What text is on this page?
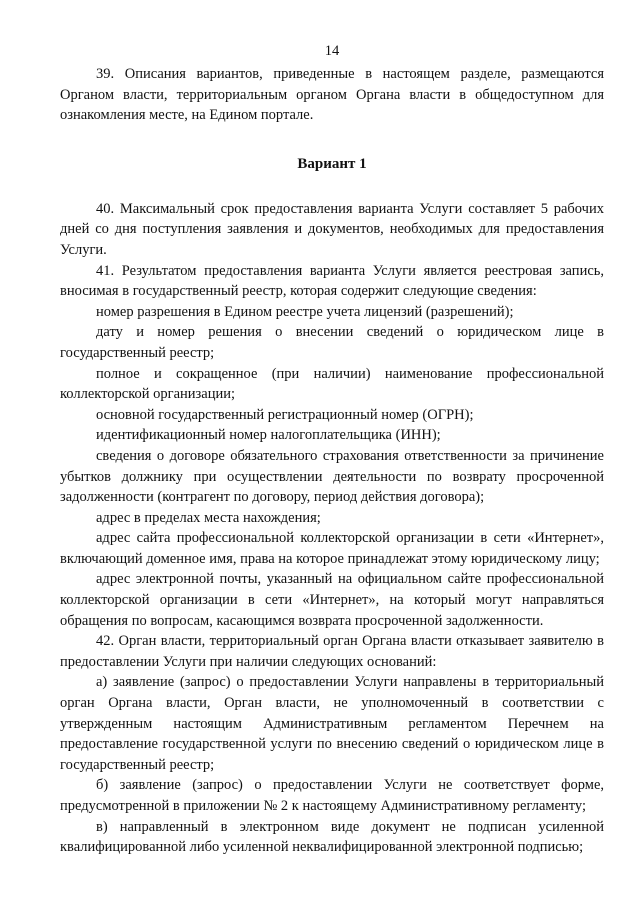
14

39. Описания вариантов, приведенные в настоящем разделе, размещаются Органом власти, территориальным органом Органа власти в общедоступном для ознакомления месте, на Едином портале.

Вариант 1

40. Максимальный срок предоставления варианта Услуги составляет 5 рабочих дней со дня поступления заявления и документов, необходимых для предоставления Услуги.

41. Результатом предоставления варианта Услуги является реестровая запись, вносимая в государственный реестр, которая содержит следующие сведения:

номер разрешения в Едином реестре учета лицензий (разрешений);

дату и номер решения о внесении сведений о юридическом лице в государственный реестр;

полное и сокращенное (при наличии) наименование профессиональной коллекторской организации;

основной государственный регистрационный номер (ОГРН);

идентификационный номер налогоплательщика (ИНН);

сведения о договоре обязательного страхования ответственности за причинение убытков должнику при осуществлении деятельности по возврату просроченной задолженности (контрагент по договору, период действия договора);

адрес в пределах места нахождения;

адрес сайта профессиональной коллекторской организации в сети «Интернет», включающий доменное имя, права на которое принадлежат этому юридическому лицу;

адрес электронной почты, указанный на официальном сайте профессиональной коллекторской организации в сети «Интернет», на который могут направляться обращения по вопросам, касающимся возврата просроченной задолженности.

42. Орган власти, территориальный орган Органа власти отказывает заявителю в предоставлении Услуги при наличии следующих оснований:

а) заявление (запрос) о предоставлении Услуги направлены в территориальный орган Органа власти, Орган власти, не уполномоченный в соответствии с утвержденным настоящим Административным регламентом Перечнем на предоставление государственной услуги по внесению сведений о юридическом лице в государственный реестр;

б) заявление (запрос) о предоставлении Услуги не соответствует форме, предусмотренной в приложении № 2 к настоящему Административному регламенту;

в) направленный в электронном виде документ не подписан усиленной квалифицированной либо усиленной неквалифицированной электронной подписью;
